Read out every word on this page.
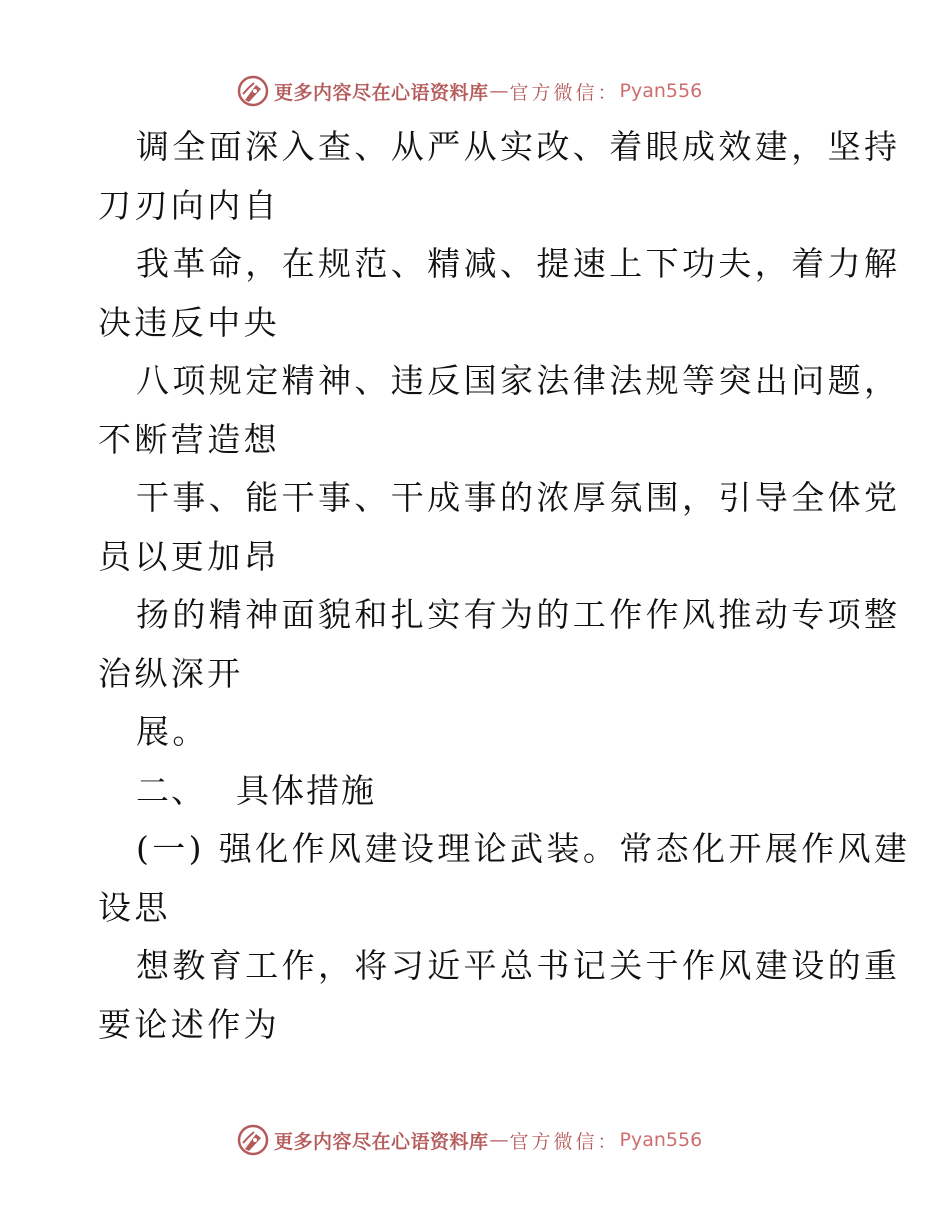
更多内容尽在心语资料库 — 官方微信： Pyan556
调全面深入查、从严从实改、着眼成效建，坚持
刀刃向内自
我革命，在规范、精减、提速上下功夫，着力解
决违反中央
八项规定精神、违反国家法律法规等突出问题，
不断营造想
干事、能干事、干成事的浓厚氛围，引导全体党
员以更加昂
扬的精神面貌和扎实有为的工作作风推动专项整
治纵深开
展。
二、 具体措施
(一) 强化作风建设理论武装。常态化开展作风建
设思
想教育工作，将习近平总书记关于作风建设的重
要论述作为
更多内容尽在心语资料库 — 官方微信： Pyan556
